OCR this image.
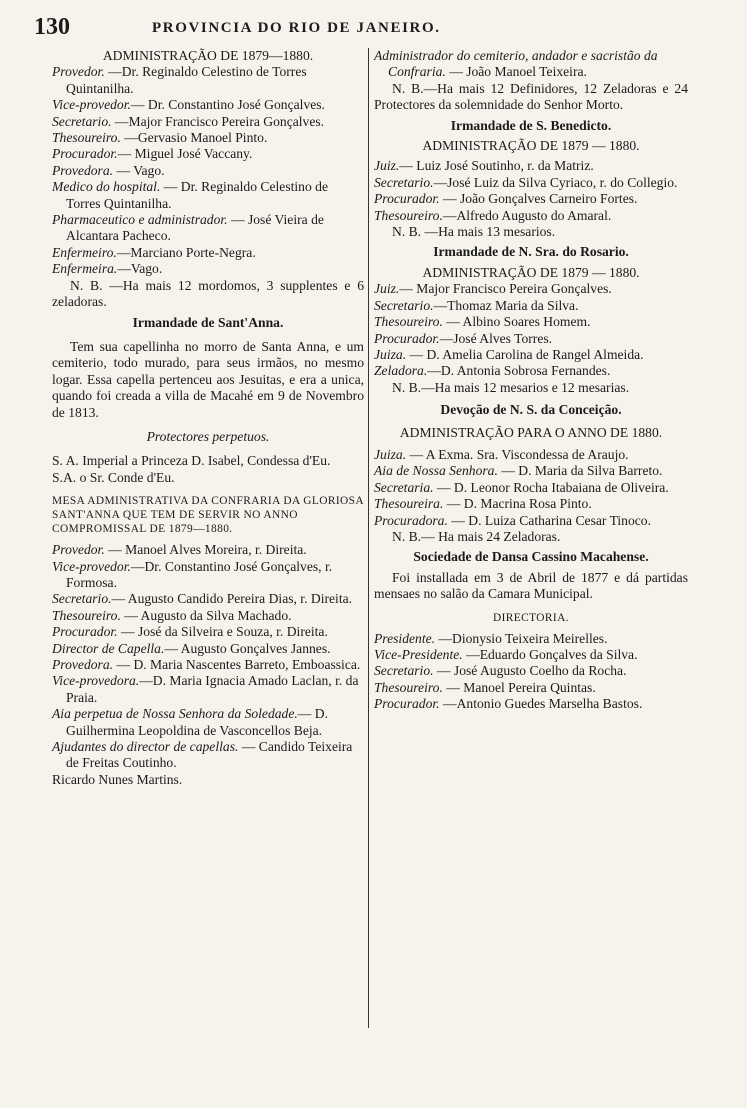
130	PROVINCIA DO RIO DE JANEIRO.
ADMINISTRAÇÃO DE 1879—1880.
Provedor. —Dr. Reginaldo Celestino de Torres Quintanilha.
Vice-provedor.— Dr. Constantino José Gonçalves.
Secretario. —Major Francisco Pereira Gonçalves.
Thesoureiro. —Gervasio Manoel Pinto.
Procurador.— Miguel José Vaccany.
Provedora. — Vago.
Medico do hospital. — Dr. Reginaldo Celestino de Torres Quintanilha.
Pharmaceutico e administrador. — José Vieira de Alcantara Pacheco.
Enfermeiro.—Marciano Porte-Negra.
Enfermeira.—Vago.
N. B. —Ha mais 12 mordomos, 3 supplentes e 6 zeladoras.
Irmandade de Sant'Anna.
Tem sua capellinha no morro de Santa Anna, e um cemiterio, todo murado, para seus irmãos, no mesmo logar. Essa capella pertenceu aos Jesuitas, e era a unica, quando foi creada a villa de Macahé em 9 de Novembro de 1813.
Protectores perpetuos.
S. A. Imperial a Princeza D. Isabel, Condessa d'Eu.
S.A. o Sr. Conde d'Eu.
MESA ADMINISTRATIVA DA CONFRARIA DA GLORIOSA SANT'ANNA QUE TEM DE SERVIR NO ANNO COMPROMISSAL DE 1879—1880.
Provedor. — Manoel Alves Moreira, r. Direita.
Vice-provedor.—Dr. Constantino José Gonçalves, r. Formosa.
Secretario.— Augusto Candido Pereira Dias, r. Direita.
Thesoureiro. — Augusto da Silva Machado.
Procurador. — José da Silveira e Souza, r. Direita.
Director de Capella.— Augusto Gonçalves Jannes.
Provedora. — D. Maria Nascentes Barreto, Emboassica.
Vice-provedora.—D. Maria Ignacia Amado Laclan, r. da Praia.
Aia perpetua de Nossa Senhora da Soledade.— D. Guilhermina Leopoldina de Vasconcellos Beja.
Ajudantes do director de capellas. — Candido Teixeira de Freitas Coutinho.
Ricardo Nunes Martins.
Administrador do cemiterio, andador e sacristão da Confraria. — João Manoel Teixeira.
N. B.—Ha mais 12 Definidores, 12 Zeladoras e 24 Protectores da solemnidade do Senhor Morto.
Irmandade de S. Benedicto.
ADMINISTRAÇÃO DE 1879 — 1880.
Juiz.— Luiz José Soutinho, r. da Matriz.
Secretario.—José Luiz da Silva Cyriaco, r. do Collegio.
Procurador. — João Gonçalves Carneiro Fortes.
Thesoureiro.—Alfredo Augusto do Amaral.
N. B. —Ha mais 13 mesarios.
Irmandade de N. Sra. do Rosario.
ADMINISTRAÇÃO DE 1879 — 1880.
Juiz.— Major Francisco Pereira Gonçalves.
Secretario.—Thomaz Maria da Silva.
Thesoureiro. — Albino Soares Homem.
Procurador.—José Alves Torres.
Juiza. — D. Amelia Carolina de Rangel Almeida.
Zeladora.—D. Antonia Sobrosa Fernandes.
N. B.—Ha mais 12 mesarios e 12 mesarias.
Devoção de N. S. da Conceição.
ADMINISTRAÇÃO PARA O ANNO DE 1880.
Juiza. — A Exma. Sra. Viscondessa de Araujo.
Aia de Nossa Senhora. — D. Maria da Silva Barreto.
Secretaria. — D. Leonor Rocha Itabaiana de Oliveira.
Thesoureira. — D. Macrina Rosa Pinto.
Procuradora. — D. Luiza Catharina Cesar Tinoco.
N. B.— Ha mais 24 Zeladoras.
Sociedade de Dansa Cassino Macahense.
Foi installada em 3 de Abril de 1877 e dá partidas mensaes no salão da Camara Municipal.
DIRECTORIA.
Presidente. —Dionysio Teixeira Meirelles.
Vice-Presidente. —Eduardo Gonçalves da Silva.
Secretario. — José Augusto Coelho da Rocha.
Thesoureiro. — Manoel Pereira Quintas.
Procurador. —Antonio Guedes Marselha Bastos.
